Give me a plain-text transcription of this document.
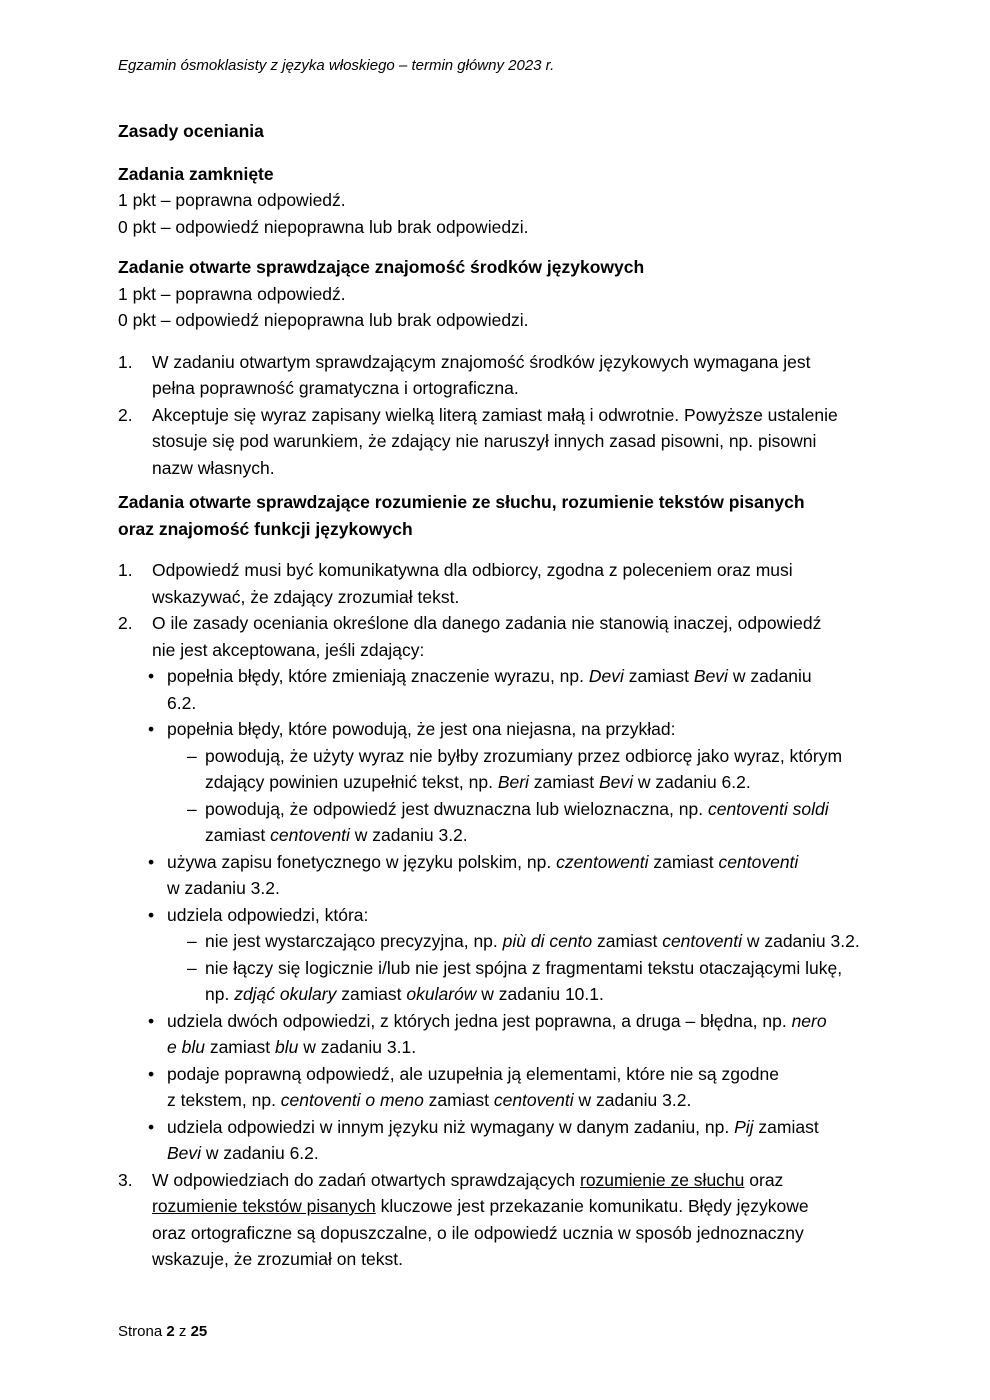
Egzamin ósmoklasisty z języka włoskiego – termin główny 2023 r.
Zasady oceniania
Zadania zamknięte
1 pkt – poprawna odpowiedź.
0 pkt – odpowiedź niepoprawna lub brak odpowiedzi.
Zadanie otwarte sprawdzające znajomość środków językowych
1 pkt – poprawna odpowiedź.
0 pkt – odpowiedź niepoprawna lub brak odpowiedzi.
1.	W zadaniu otwartym sprawdzającym znajomość środków językowych wymagana jest
pełna poprawność gramatyczna i ortograficzna.
2.	Akceptuje się wyraz zapisany wielką literą zamiast małą i odwrotnie. Powyższe ustalenie
stosuje się pod warunkiem, że zdający nie naruszył innych zasad pisowni, np. pisowni
nazw własnych.
Zadania otwarte sprawdzające rozumienie ze słuchu, rozumienie tekstów pisanych
oraz znajomość funkcji językowych
1.	Odpowiedź musi być komunikatywna dla odbiorcy, zgodna z poleceniem oraz musi
wskazywać, że zdający zrozumiał tekst.
2.	O ile zasady oceniania określone dla danego zadania nie stanowią inaczej, odpowiedź
nie jest akceptowana, jeśli zdający:
• popełnia błędy, które zmieniają znaczenie wyrazu, np. Devi zamiast Bevi w zadaniu
6.2.
• popełnia błędy, które powodują, że jest ona niejasna, na przykład:
– powodują, że użyty wyraz nie byłby zrozumiany przez odbiorcę jako wyraz, którym
zdający powinien uzupełnić tekst, np. Beri zamiast Bevi w zadaniu 6.2.
– powodują, że odpowiedź jest dwuznaczna lub wieloznaczna, np. centoventi soldi
zamiast centoventi w zadaniu 3.2.
• używa zapisu fonetycznego w języku polskim, np. czentowenti zamiast centoventi
w zadaniu 3.2.
• udziela odpowiedzi, która:
– nie jest wystarczająco precyzyjna, np. più di cento zamiast centoventi w zadaniu 3.2.
– nie łączy się logicznie i/lub nie jest spójna z fragmentami tekstu otaczającymi lukę,
np. zdjąć okulary zamiast okularów w zadaniu 10.1.
• udziela dwóch odpowiedzi, z których jedna jest poprawna, a druga – błędna, np. nero
e blu zamiast blu w zadaniu 3.1.
• podaje poprawną odpowiedź, ale uzupełnia ją elementami, które nie są zgodne
z tekstem, np. centoventi o meno zamiast centoventi w zadaniu 3.2.
• udziela odpowiedzi w innym języku niż wymagany w danym zadaniu, np. Pij zamiast
Bevi w zadaniu 6.2.
3.	W odpowiedziach do zadań otwartych sprawdzających rozumienie ze słuchu oraz
rozumienie tekstów pisanych kluczowe jest przekazanie komunikatu. Błędy językowe
oraz ortograficzne są dopuszczalne, o ile odpowiedź ucznia w sposób jednoznaczny
wskazuje, że zrozumiał on tekst.
Strona 2 z 25
